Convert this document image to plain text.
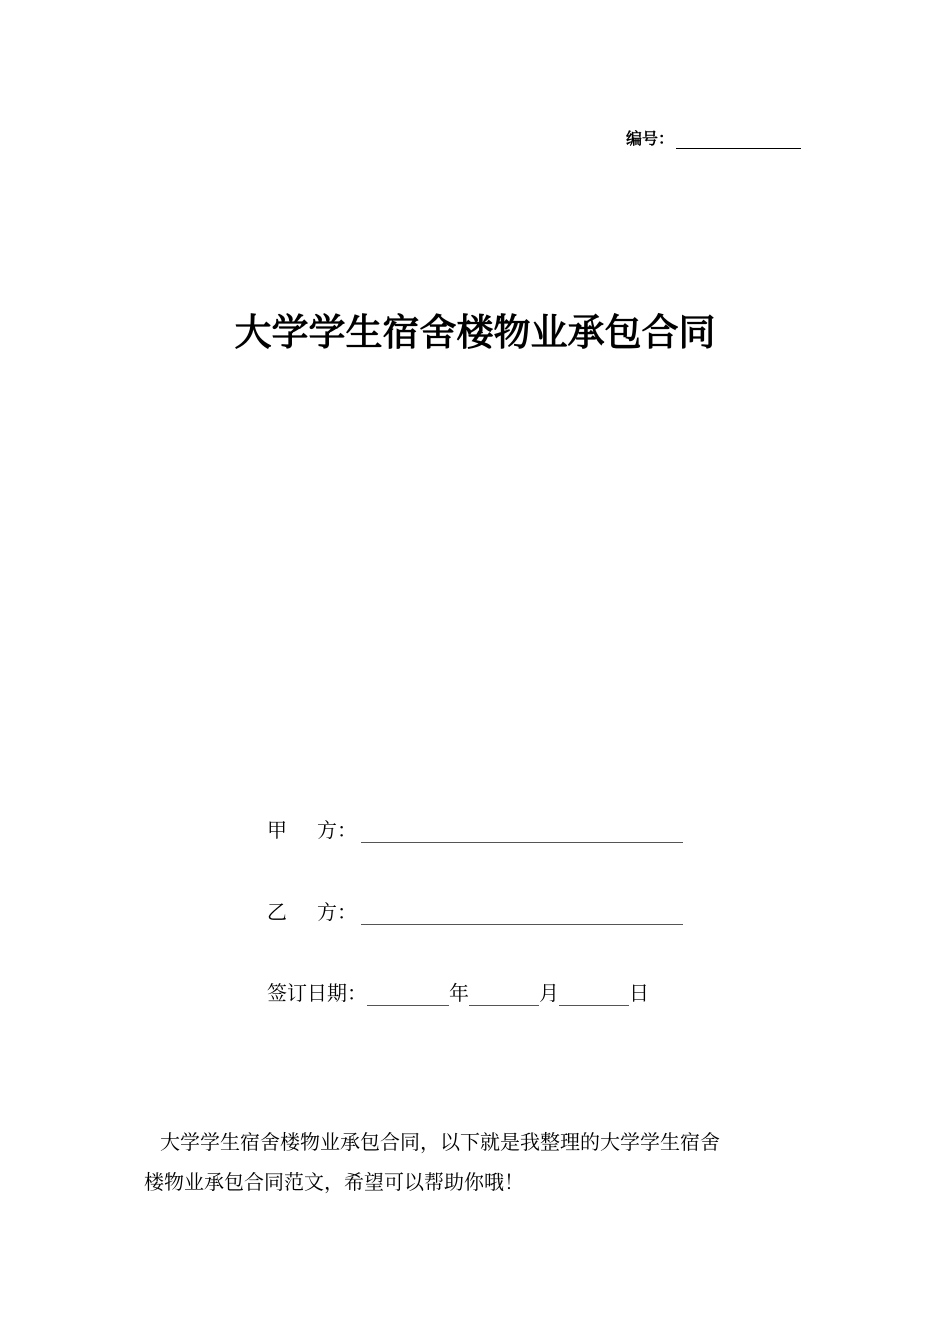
编号：
大学学生宿舍楼物业承包合同
甲 方 ：
乙 方 ：
签订日期：	年	月	日
大学学生宿舍楼物业承包合同，以下就是我整理的大学学生宿舍
楼物业承包合同范文，希望可以帮助你哦！
